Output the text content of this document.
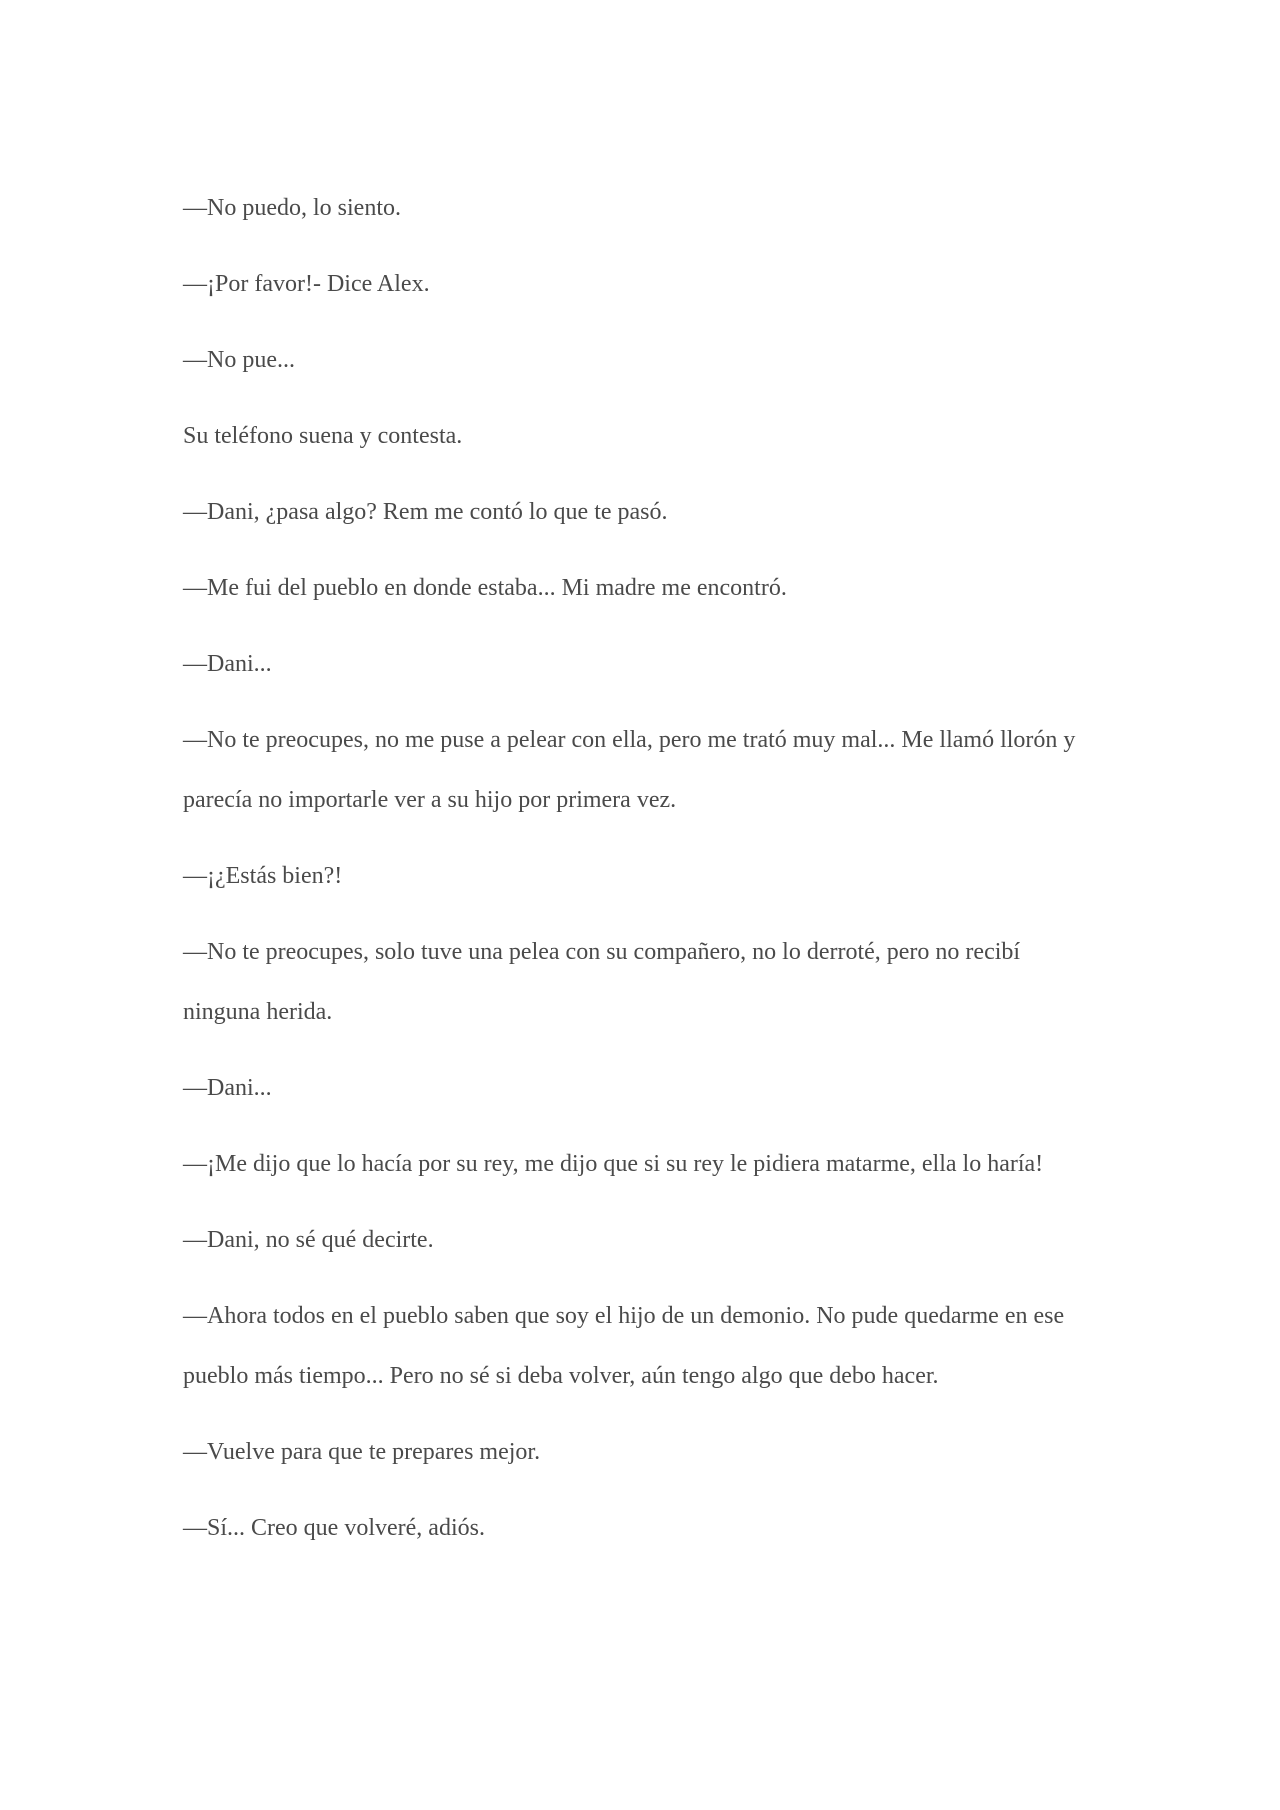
—No puedo, lo siento.

—¡Por favor!- Dice Alex.

—No pue...

Su teléfono suena y contesta.

—Dani, ¿pasa algo? Rem me contó lo que te pasó.

—Me fui del pueblo en donde estaba... Mi madre me encontró.

—Dani...

—No te preocupes, no me puse a pelear con ella, pero me trató muy mal... Me llamó llorón y parecía no importarle ver a su hijo por primera vez.

—¡¿Estás bien?!

—No te preocupes, solo tuve una pelea con su compañero, no lo derroté, pero no recibí ninguna herida.

—Dani...

—¡Me dijo que lo hacía por su rey, me dijo que si su rey le pidiera matarme, ella lo haría!

—Dani, no sé qué decirte.

—Ahora todos en el pueblo saben que soy el hijo de un demonio. No pude quedarme en ese pueblo más tiempo... Pero no sé si deba volver, aún tengo algo que debo hacer.

—Vuelve para que te prepares mejor.

—Sí... Creo que volveré, adiós.
